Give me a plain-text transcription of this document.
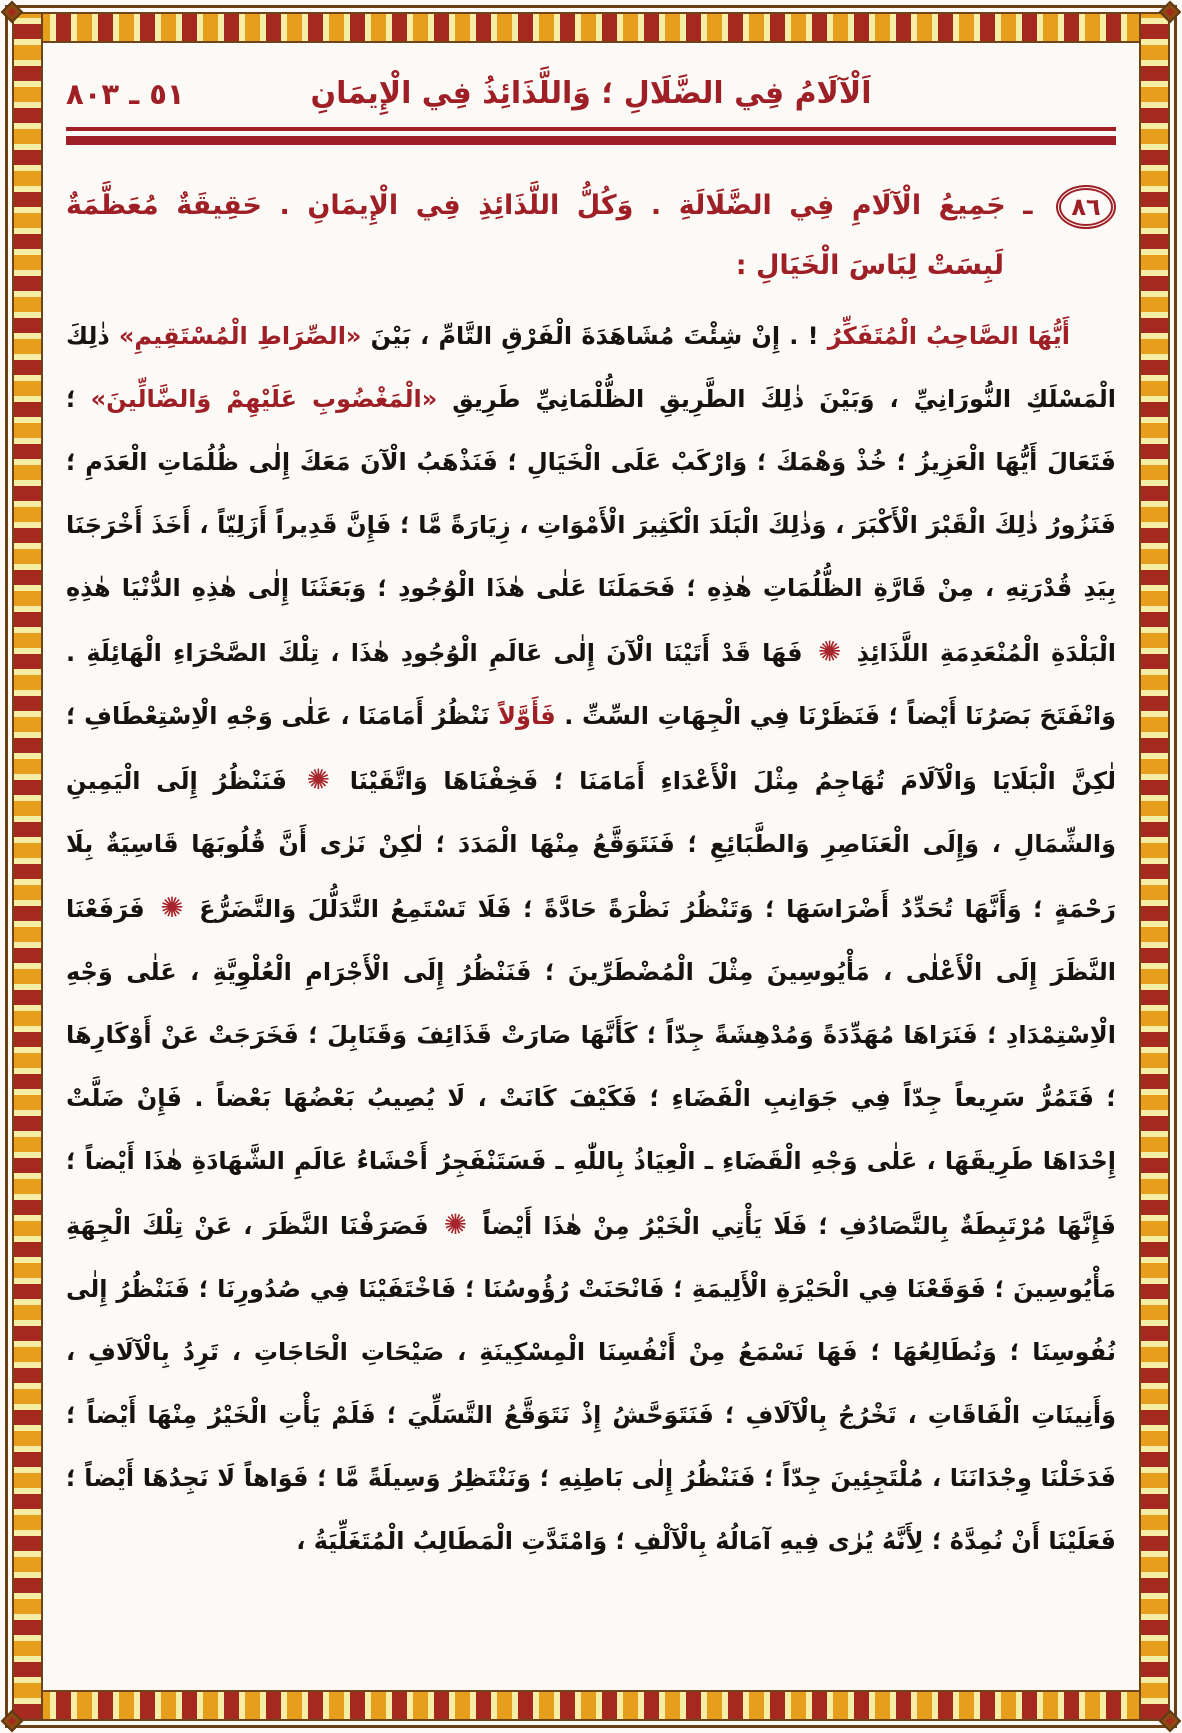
اَلْآلَامُ فِي الضَّلَالِ ؛ وَاللَّذَائِذُ فِي الْإِيمَانِ
٥١ ـ ٨٠٣
٨٦ ـ جَمِيعُ الْآلَامِ فِي الضَّلَالَةِ . وَكُلُّ اللَّذَائِذِ فِي الْإِيمَانِ . حَقِيقَةٌ مُعَظَّمَةٌ
لَبِسَتْ لِبَاسَ الْخَيَالِ :

أَيُّهَا الصَّاحِبُ الْمُتَفَكِّرُ ! . إِنْ شِئْتَ مُشَاهَدَةَ الْفَرْقِ التَّامِّ ، بَيْنَ «الصِّرَاطِ الْمُسْتَقِيمِ» ذٰلِكَ الْمَسْلَكِ النُّورَانِيِّ ، وَبَيْنَ ذٰلِكَ الطَّرِيقِ الظُّلْمَانِيِّ طَرِيقِ «الْمَغْضُوبِ عَلَيْهِمْ وَالضَّالِّينَ» ؛ فَتَعَالَ أَيُّهَا الْعَزِيزُ ؛ خُذْ وَهْمَكَ ؛ وَارْكَبْ عَلَى الْخَيَالِ ؛ فَنَذْهَبُ الْآنَ مَعَكَ إِلٰى ظُلُمَاتِ الْعَدَمِ ؛ فَنَزُورُ ذٰلِكَ الْقَبْرَ الْأَكْبَرَ ، وَذٰلِكَ الْبَلَدَ الْكَثِيرَ الْأَمْوَاتِ ، زِيَارَةً مَّا ؛ فَإِنَّ قَدِيراً أَزَلِيّاً ، أَخَذَ أَخْرَجَنَا بِيَدِ قُدْرَتِهِ ، مِنْ قَارَّةِ الظُّلُمَاتِ هٰذِهِ ؛ فَحَمَلَنَا عَلٰى هٰذَا الْوُجُودِ ؛ وَبَعَثَنَا إِلٰى هٰذِهِ الدُّنْيَا هٰذِهِ الْبَلْدَةِ الْمُنْعَدِمَةِ اللَّذَائِذِ ✺ فَهَا قَدْ أَتَيْنَا الْآنَ إِلٰى عَالَمِ الْوُجُودِ هٰذَا ، تِلْكَ الصَّحْرَاءِ الْهَائِلَةِ . وَانْفَتَحَ بَصَرُنَا أَيْضاً ؛ فَنَظَرْنَا فِي الْجِهَاتِ السِّتِّ . فَأَوَّلاً نَنْظُرُ أَمَامَنَا ، عَلٰى وَجْهِ الْاِسْتِعْطَافِ ؛ لٰكِنَّ الْبَلَايَا وَالْآلَامَ تُهَاجِمُ مِثْلَ الْأَعْدَاءِ أَمَامَنَا ؛ فَخِفْنَاهَا وَاتَّقَيْنَا ✺ فَنَنْظُرُ إِلَى الْيَمِينِ وَالشِّمَالِ ، وَإِلَى الْعَنَاصِرِ وَالطَّبَائِعِ ؛ فَنَتَوَقَّعُ مِنْهَا الْمَدَدَ ؛ لٰكِنْ نَرٰى أَنَّ قُلُوبَهَا قَاسِيَةٌ بِلَا رَحْمَةٍ ؛ وَأَنَّهَا تُحَدِّدُ أَضْرَاسَهَا ؛ وَتَنْظُرُ نَظْرَةً حَادَّةً ؛ فَلَا تَسْتَمِعُ التَّدَلُّلَ وَالتَّضَرُّعَ ✺ فَرَفَعْنَا النَّظَرَ إِلَى الْأَعْلٰى ، مَأْيُوسِينَ مِثْلَ الْمُضْطَرِّينَ ؛ فَنَنْظُرُ إِلَى الْأَجْرَامِ الْعُلْوِيَّةِ ، عَلٰى وَجْهِ الْاِسْتِمْدَادِ ؛ فَنَرَاهَا مُهَدِّدَةً وَمُدْهِشَةً جِدّاً ؛ كَأَنَّهَا صَارَتْ قَذَائِفَ وَقَنَابِلَ ؛ فَخَرَجَتْ عَنْ أَوْكَارِهَا ؛ فَتَمُرُّ سَرِيعاً جِدّاً فِي جَوَانِبِ الْفَضَاءِ ؛ فَكَيْفَ كَانَتْ ، لَا يُصِيبُ بَعْضُهَا بَعْضاً . فَإِنْ ضَلَّتْ إِحْدَاهَا طَرِيقَهَا ، عَلٰى وَجْهِ الْقَضَاءِ ـ الْعِيَاذُ بِاللّٰهِ ـ فَسَتَنْفَجِرُ أَحْشَاءُ عَالَمِ الشَّهَادَةِ هٰذَا أَيْضاً ؛ فَإِنَّهَا مُرْتَبِطَةٌ بِالتَّصَادُفِ ؛ فَلَا يَأْتِي الْخَيْرُ مِنْ هٰذَا أَيْضاً ✺ فَصَرَفْنَا النَّظَرَ ، عَنْ تِلْكَ الْجِهَةِ مَأْيُوسِينَ ؛ فَوَقَعْنَا فِي الْحَيْرَةِ الْأَلِيمَةِ ؛ فَانْحَنَتْ رُؤُوسُنَا ؛ فَاخْتَفَيْنَا فِي صُدُورِنَا ؛ فَنَنْظُرُ إِلٰى نُفُوسِنَا ؛ وَنُطَالِعُهَا ؛ فَهَا نَسْمَعُ مِنْ أَنْفُسِنَا الْمِسْكِينَةِ ، صَيْحَاتِ الْحَاجَاتِ ، تَرِدُ بِالْآلَافِ ، وَأَنِينَاتِ الْفَاقَاتِ ، تَخْرُجُ بِالْآلَافِ ؛ فَنَتَوَحَّشُ إِذْ نَتَوَقَّعُ التَّسَلِّيَ ؛ فَلَمْ يَأْتِ الْخَيْرُ مِنْهَا أَيْضاً ؛ فَدَخَلْنَا وِجْدَانَنَا ، مُلْتَجِئِينَ جِدّاً ؛ فَنَنْظُرُ إِلٰى بَاطِنِهِ ؛ وَنَنْتَظِرُ وَسِيلَةً مَّا ؛ فَوَاهاً لَا نَجِدُهَا أَيْضاً ؛ فَعَلَيْنَا أَنْ نُمِدَّهُ ؛ لِأَنَّهُ يُرٰى فِيهِ آمَالُهُ بِالْآلْفِ ؛ وَامْتَدَّتِ الْمَطَالِبُ الْمُتَغَلِّيَةُ ،
